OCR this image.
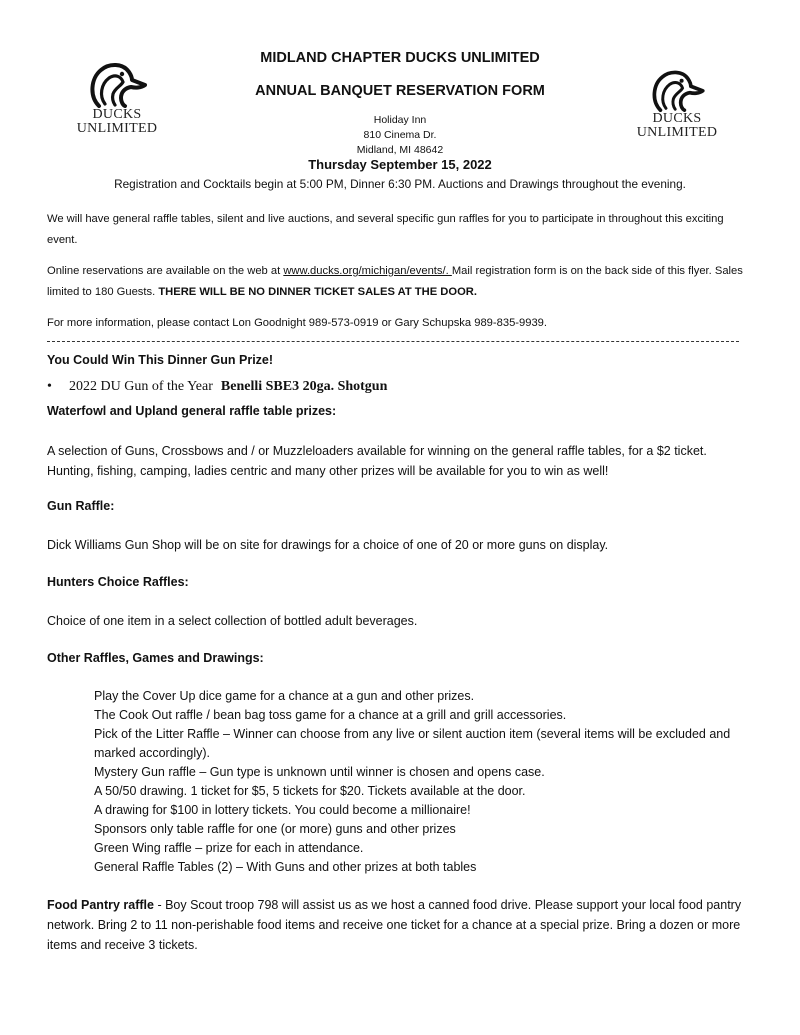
DUCKS
UNLIMITED
DUCKS
UNLIMITED
MIDLAND CHAPTER DUCKS UNLIMITED
ANNUAL BANQUET RESERVATION FORM
Holiday Inn
810 Cinema Dr.
Midland, MI 48642
Thursday September 15, 2022
Registration and Cocktails begin at 5:00 PM, Dinner 6:30 PM. Auctions and Drawings throughout the evening.
We will have general raffle tables, silent and live auctions, and several specific gun raffles for you to participate in throughout this exciting event.
Online reservations are available on the web at www.ducks.org/michigan/events/. Mail registration form is on the back side of this flyer. Sales limited to 180 Guests. THERE WILL BE NO DINNER TICKET SALES AT THE DOOR.
For more information, please contact Lon Goodnight 989-573-0919 or Gary Schupska 989-835-9939.
You Could Win This Dinner Gun Prize!
• 2022 DU Gun of the Year Benelli SBE3 20ga. Shotgun
Waterfowl and Upland general raffle table prizes:
A selection of Guns, Crossbows and / or Muzzleloaders available for winning on the general raffle tables, for a $2 ticket. Hunting, fishing, camping, ladies centric and many other prizes will be available for you to win as well!
Gun Raffle:
Dick Williams Gun Shop will be on site for drawings for a choice of one of 20 or more guns on display.
Hunters Choice Raffles:
Choice of one item in a select collection of bottled adult beverages.
Other Raffles, Games and Drawings:
Play the Cover Up dice game for a chance at a gun and other prizes.
The Cook Out raffle / bean bag toss game for a chance at a grill and grill accessories.
Pick of the Litter Raffle – Winner can choose from any live or silent auction item (several items will be excluded and marked accordingly).
Mystery Gun raffle – Gun type is unknown until winner is chosen and opens case.
A 50/50 drawing. 1 ticket for $5, 5 tickets for $20. Tickets available at the door.
A drawing for $100 in lottery tickets. You could become a millionaire!
Sponsors only table raffle for one (or more) guns and other prizes
Green Wing raffle – prize for each in attendance.
General Raffle Tables (2) – With Guns and other prizes at both tables
Food Pantry raffle - Boy Scout troop 798 will assist us as we host a canned food drive. Please support your local food pantry network. Bring 2 to 11 non-perishable food items and receive one ticket for a chance at a special prize. Bring a dozen or more items and receive 3 tickets.
